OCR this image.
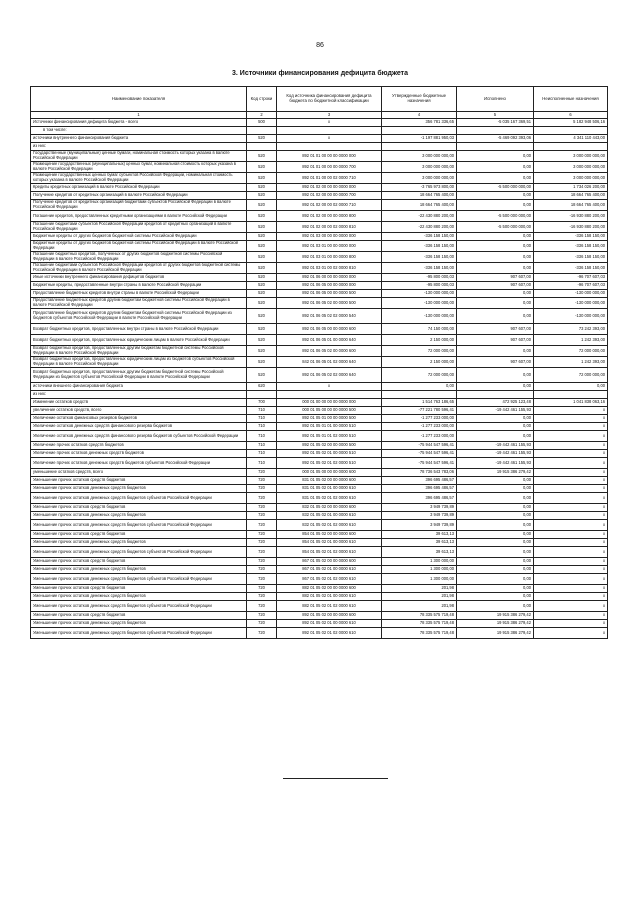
86
3. Источники финансирования дефицита бюджета
Наименование показателя	Код строки	Код источника финансирования дефицита бюджета по бюджетной классификации	Утвержденные бюджетные назначения	Исполнено	Неисполненные назначения
1	2	3	4	5	6
Источники финансирования дефицита бюджета - всего	500	x	356 781 336,65	-5 035 167 369,51	5 182 948 506,16
в том числе:					
источники внутреннего финансирования бюджета	520	x	-1 197 881 950,03	-5 469 092 393,06	4 341 110 443,00
из них:					
Государственные (муниципальные) ценные бумаги, номинальная стоимость которых указана в валюте Российской Федерации	520	892 01 01 00 00 00 0000 000	3 000 000 000,00	0,00	3 000 000 000,00
Размещение государственных (муниципальных) ценных бумаг, номинальная стоимость которых указана в валюте Российской Федерации	520	892 01 01 00 00 00 0000 700	3 000 000 000,00	0,00	3 000 000 000,00
Размещение государственных ценных бумаг субъектов Российской Федерации, номинальная стоимость которых указана в валюте Российской Федерации	520	892 01 01 00 00 02 0000 710	3 000 000 000,00	0,00	3 000 000 000,00
Кредиты кредитных организаций в валюте Российской Федерации	520	892 01 02 00 00 00 0000 000	-3 765 973 800,00	-5 500 000 000,00	1 734 026 200,00
Получение кредитов от кредитных организаций в валюте Российской Федерации	520	892 01 02 00 00 00 0000 700	18 664 765 400,00	0,00	18 664 765 400,00
Получение кредитов от кредитных организаций бюджетами субъектов Российской Федерации в валюте Российской Федерации	520	892 01 02 00 00 02 0000 710	18 664 765 400,00	0,00	18 664 765 400,00
Погашение кредитов, предоставленных кредитными организациями в валюте Российской Федерации	520	892 01 02 00 00 00 0000 800	-22 430 880 200,00	-5 500 000 000,00	-16 930 880 200,00
Погашение бюджетами субъектов Российской Федерации кредитов от кредитных организаций в валюте Российской Федерации	520	892 01 02 00 00 02 0000 810	-22 430 880 200,00	-5 500 000 000,00	-16 930 880 200,00
Бюджетные кредиты от других бюджетов бюджетной системы Российской Федерации	520	892 01 03 00 00 00 0000 000	-336 158 150,00	0,00	-336 158 150,00
Бюджетные кредиты от других бюджетов бюджетной системы Российской Федерации в валюте Российской Федерации	520	892 01 03 01 00 00 0000 000	-336 158 150,00	0,00	-336 158 150,00
Погашение бюджетных кредитов, полученных от других бюджетов бюджетной системы Российской Федерации в валюте Российской Федерации	520	892 01 03 01 00 00 0000 800	-336 158 150,00	0,00	-336 158 150,00
Погашение бюджетами субъектов Российской Федерации кредитов от других бюджетов бюджетной системы Российской Федерации в валюте Российской Федерации	520	892 01 03 01 00 02 0000 810	-336 158 150,00	0,00	-336 158 150,00
Иные источники внутреннего финансирования дефицитов бюджетов	520	892 01 06 00 00 00 0000 000	-95 800 000,03	907 607,00	-96 707 607,03
Бюджетные кредиты, предоставленные внутри страны в валюте Российской Федерации	520	892 01 06 05 00 00 0000 000	-95 800 000,03	907 607,00	-96 707 607,03
Предоставление бюджетных кредитов внутри страны в валюте Российской Федерации	520	892 01 06 05 00 00 0000 500	-130 000 000,00	0,00	-130 000 000,00
Предоставление бюджетных кредитов другим бюджетам бюджетной системы Российской Федерации в валюте Российской Федерации	520	892 01 06 05 02 00 0000 500	-130 000 000,00	0,00	-130 000 000,00
Предоставление бюджетных кредитов другим бюджетам бюджетной системы Российской Федерации из бюджетов субъектов Российской Федерации в валюте Российской Федерации	520	892 01 06 05 02 02 0000 540	-130 000 000,00	0,00	-130 000 000,00
Возврат бюджетных кредитов, предоставленных внутри страны в валюте Российской Федерации	520	892 01 06 05 00 00 0000 600	74 150 000,00	907 607,00	73 242 393,00
Возврат бюджетных кредитов, предоставленных юридическим лицам в валюте Российской Федерации	520	892 01 06 05 01 00 0000 640	2 150 000,00	907 607,00	1 242 393,00
Возврат бюджетных кредитов, предоставленных другим бюджетам бюджетной системы Российской Федерации в валюте Российской Федерации	520	892 01 06 05 02 00 0000 600	72 000 000,00	0,00	72 000 000,00
Возврат бюджетных кредитов, предоставленных юридическим лицам из бюджетов субъектов Российской Федерации в валюте Российской Федерации	520	842 01 06 05 01 02 0000 640	2 150 000,00	907 607,00	1 242 393,00
Возврат бюджетных кредитов, предоставленных другим бюджетам бюджетной системы Российской Федерации из бюджетов субъектов Российской Федерации в валюте Российской Федерации	520	892 01 06 05 02 02 0000 640	72 000 000,00	0,00	72 000 000,00
источники внешнего финансирования бюджета	620	x	0,00	0,00	0,00
из них:					
Изменение остатков средств	700	000 01 00 00 00 00 0000 000	1 514 763 186,65	472 925 123,48	1 041 838 063,16
увеличение остатков средств, всего	710	000 01 05 00 00 00 0000 500	-77 221 780 596,41	-19 442 461 155,93	x
Увеличение остатков финансовых резервов бюджетов	710	892 01 05 01 00 00 0000 500	-1 277 233 000,00	0,00	x
Увеличение остатков денежных средств финансового резерва бюджетов	710	892 01 05 01 01 00 0000 510	-1 277 233 000,00	0,00	x
Увеличение остатков денежных средств финансового резерва бюджетов субъектов Российской Федерации	710	892 01 05 01 01 02 0000 510	-1 277 233 000,00	0,00	x
Увеличение прочих остатков средств бюджетов	710	892 01 05 02 00 00 0000 500	-75 944 547 596,41	-19 442 461 155,93	x
Увеличение прочих остатков денежных средств бюджетов	710	892 01 05 02 01 00 0000 510	-75 944 547 596,41	-19 442 461 155,93	x
Увеличение прочих остатков денежных средств бюджетов субъектов Российской Федерации	710	892 01 05 02 01 02 0000 510	-75 944 547 596,41	-19 442 461 155,93	x
уменьшение остатков средств, всего	720	000 01 05 00 00 00 0000 600	78 736 543 783,06	19 915 386 279,42	x
Уменьшение прочих остатков средств бюджетов	720	831 01 05 02 00 00 0000 600	396 695 486,57	0,00	x
Уменьшение прочих остатков денежных средств бюджетов	720	831 01 05 02 01 00 0000 610	396 695 486,57	0,00	x
Уменьшение прочих остатков денежных средств бюджетов субъектов Российской Федерации	720	831 01 05 02 01 02 0000 610	396 695 486,57	0,00	x
Уменьшение прочих остатков средств бюджетов	720	832 01 05 02 00 00 0000 600	3 949 739,89	0,00	x
Уменьшение прочих остатков денежных средств бюджетов	720	832 01 05 02 01 00 0000 610	3 949 739,89	0,00	x
Уменьшение прочих остатков денежных средств бюджетов субъектов Российской Федерации	720	832 01 05 02 01 02 0000 610	3 949 739,89	0,00	x
Уменьшение прочих остатков средств бюджетов	720	854 01 05 02 00 00 0000 600	39 613,13	0,00	x
Уменьшение прочих остатков денежных средств бюджетов	720	854 01 05 02 01 00 0000 610	39 613,13	0,00	x
Уменьшение прочих остатков денежных средств бюджетов субъектов Российской Федерации	720	854 01 05 02 01 02 0000 610	39 613,13	0,00	x
Уменьшение прочих остатков средств бюджетов	720	867 01 05 02 00 00 0000 600	1 300 000,00	0,00	x
Уменьшение прочих остатков денежных средств бюджетов	720	867 01 05 02 01 00 0000 610	1 300 000,00	0,00	x
Уменьшение прочих остатков денежных средств бюджетов субъектов Российской Федерации	720	867 01 05 02 01 02 0000 610	1 300 000,00	0,00	x
Уменьшение прочих остатков средств бюджетов	720	882 01 05 02 00 00 0000 600	201,98	0,00	x
Уменьшение прочих остатков денежных средств бюджетов	720	882 01 05 02 01 00 0000 610	201,98	0,00	x
Уменьшение прочих остатков денежных средств бюджетов субъектов Российской Федерации	720	882 01 05 02 01 02 0000 610	201,98	0,00	x
Уменьшение прочих остатков средств бюджетов	720	892 01 05 02 00 00 0000 600	78 335 575 719,48	19 915 386 279,42	x
Уменьшение прочих остатков денежных средств бюджетов	720	892 01 05 02 01 00 0000 610	78 335 575 719,48	19 915 386 279,42	x
Уменьшение прочих остатков денежных средств бюджетов субъектов Российской Федерации	720	892 01 05 02 01 02 0000 610	78 335 575 719,48	19 915 386 279,42	x
